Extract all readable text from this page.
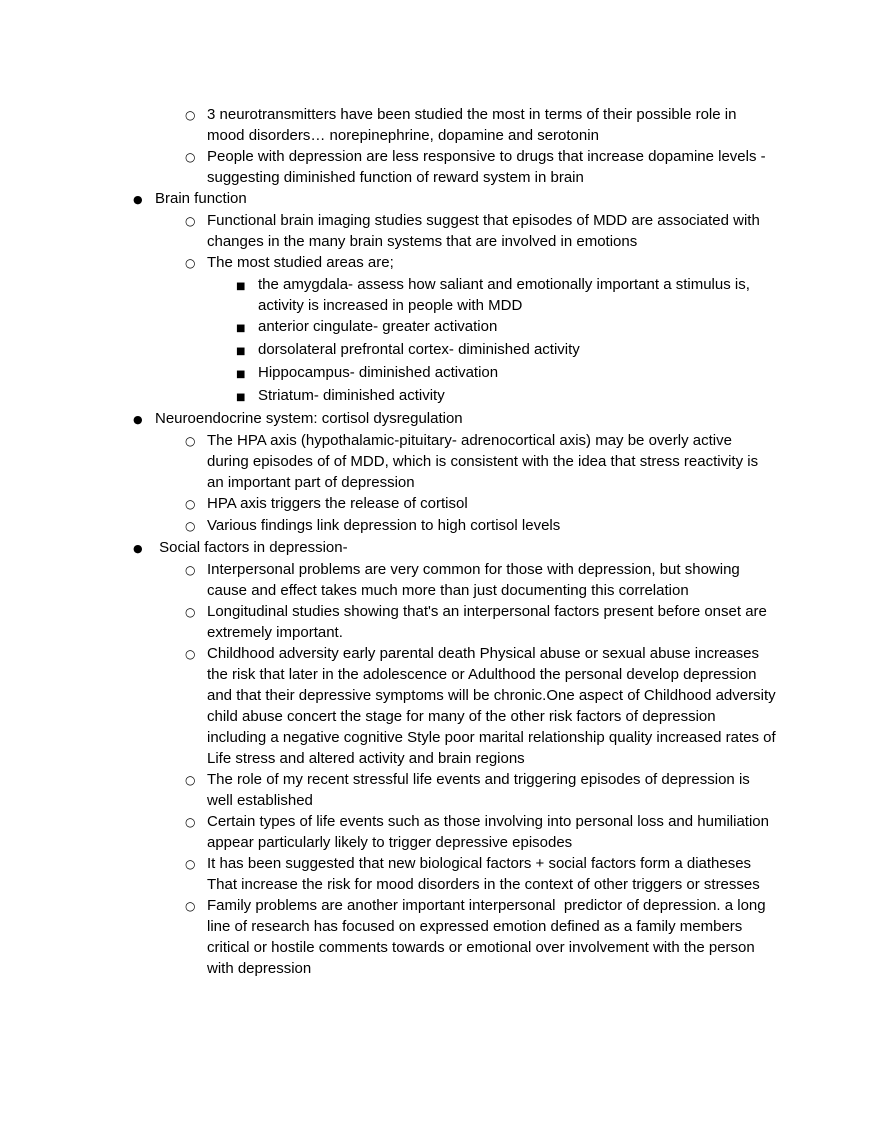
○ 3 neurotransmitters have been studied the most in terms of their possible role in mood disorders… norepinephrine, dopamine and serotonin
○ People with depression are less responsive to drugs that increase dopamine levels - suggesting diminished function of reward system in brain
● Brain function
○ Functional brain imaging studies suggest that episodes of MDD are associated with changes in the many brain systems that are involved in emotions
○ The most studied areas are;
■ the amygdala- assess how saliant and emotionally important a stimulus is, activity is increased in people with MDD
■ anterior cingulate- greater activation
■ dorsolateral prefrontal cortex- diminished activity
■ Hippocampus- diminished activation
■ Striatum- diminished activity
● Neuroendocrine system: cortisol dysregulation
○ The HPA axis (hypothalamic-pituitary- adrenocortical axis) may be overly active during episodes of of MDD, which is consistent with the idea that stress reactivity is an important part of depression
○ HPA axis triggers the release of cortisol
○ Various findings link depression to high cortisol levels
● Social factors in depression-
○ Interpersonal problems are very common for those with depression, but showing cause and effect takes much more than just documenting this correlation
○ Longitudinal studies showing that's an interpersonal factors present before onset are extremely important.
○ Childhood adversity early parental death Physical abuse or sexual abuse increases the risk that later in the adolescence or Adulthood the personal develop depression and that their depressive symptoms will be chronic.One aspect of Childhood adversity child abuse concert the stage for many of the other risk factors of depression including a negative cognitive Style poor marital relationship quality increased rates of Life stress and altered activity and brain regions
○ The role of my recent stressful life events and triggering episodes of depression is well established
○ Certain types of life events such as those involving into personal loss and humiliation appear particularly likely to trigger depressive episodes
○ It has been suggested that new biological factors + social factors form a diatheses That increase the risk for mood disorders in the context of other triggers or stresses
○ Family problems are another important interpersonal  predictor of depression. a long line of research has focused on expressed emotion defined as a family members critical or hostile comments towards or emotional over involvement with the person with depression
